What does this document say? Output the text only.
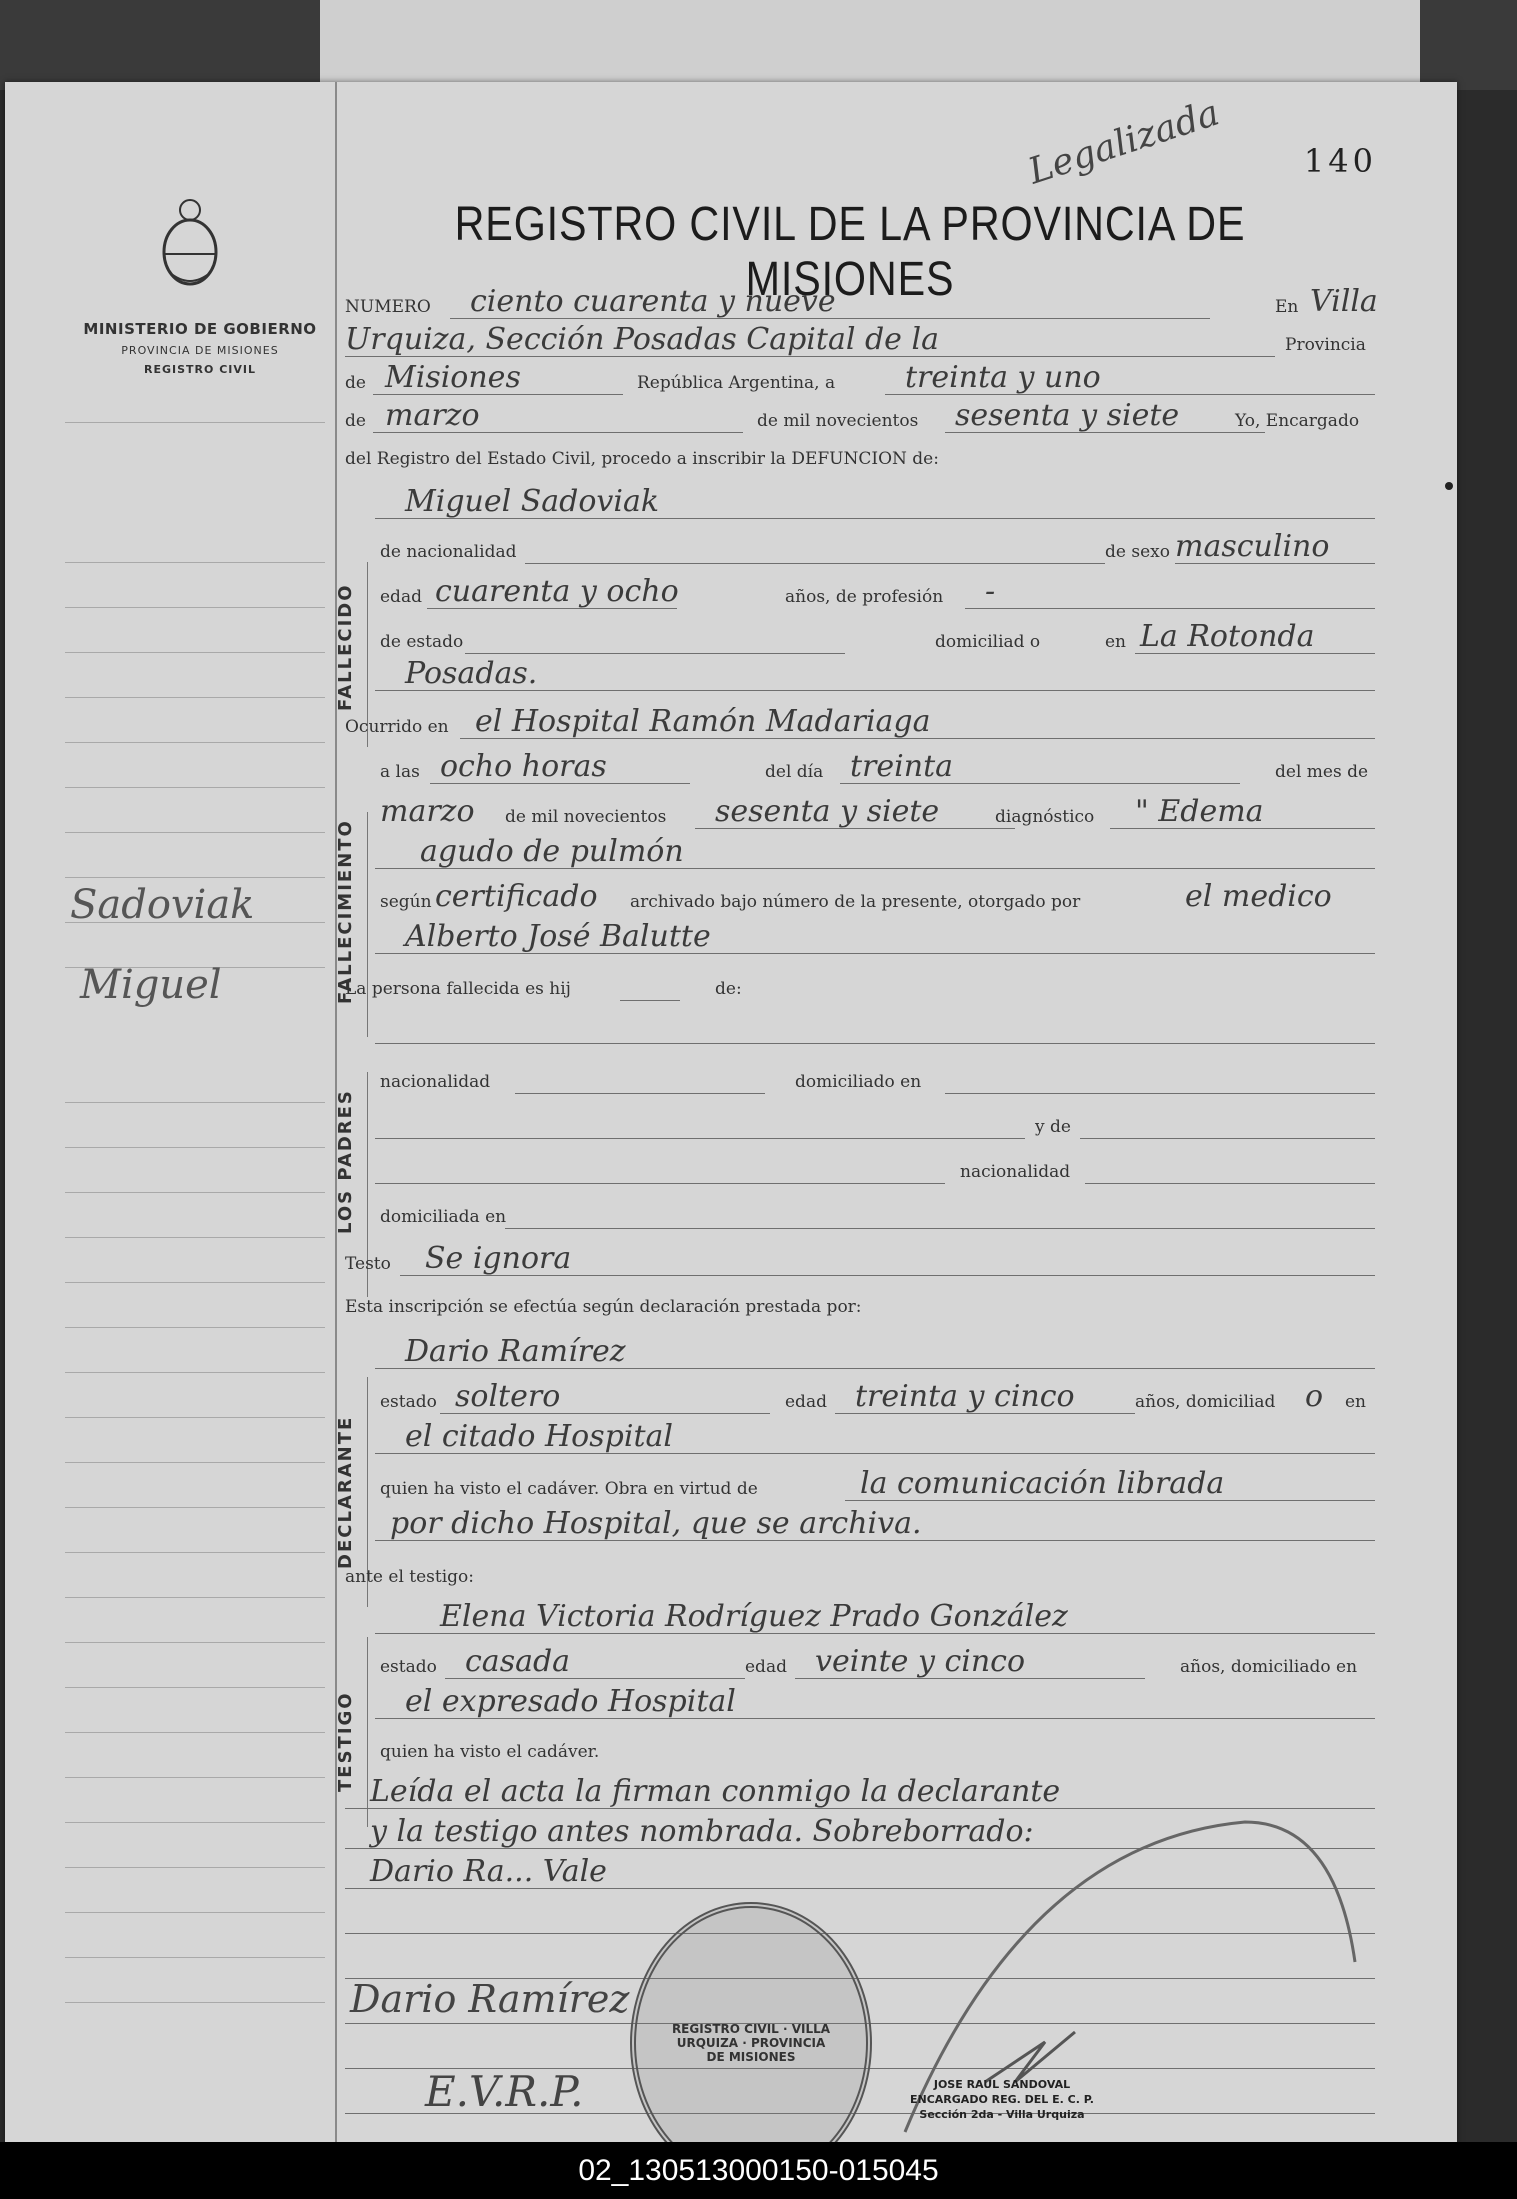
MINISTERIO DE GOBIERNO
PROVINCIA DE MISIONES
REGISTRO CIVIL
Sadoviak
Miguel
Legalizada 140
REGISTRO CIVIL DE LA PROVINCIA DE MISIONES
NUMERO ciento cuarenta y nueve	En Villa
Urquiza, Sección Posadas Capital de la	Provincia
de Misiones	República Argentina, a treinta y uno
de marzo	de mil novecientos sesenta y siete	Yo, Encargado
del Registro del Estado Civil, procedo a inscribir la DEFUNCION de:
FALLECIDO
Miguel Sadoviak
de nacionalidad	de sexo masculino
edad cuarenta y ocho	años, de profesión -
de estado	domiciliad o	en La Rotonda
Posadas.
FALLECIMIENTO
Ocurrido en el Hospital Ramón Madariaga
a las ocho horas	del día treinta	del mes de
marzo de mil novecientos sesenta y siete	diagnóstico " Edema
agudo de pulmón
según certificado archivado bajo número de la presente, otorgado por	el medico
Alberto José Balutte
La persona fallecida es hij	de:
LOS PADRES
nacionalidad	domiciliado en
y de
nacionalidad
domiciliada en
Testo Se ignora
Esta inscripción se efectúa según declaración prestada por:
DECLARANTE
Dario Ramírez
estado soltero	edad treinta y cinco	años, domiciliad o en
el citado Hospital
quien ha visto el cadáver. Obra en virtud de	la comunicación librada
por dicho Hospital, que se archiva.
TESTIGO
ante el testigo:
Elena Victoria Rodríguez Prado González
estado casada	edad veinte y cinco	años, domiciliado en
el expresado Hospital
quien ha visto el cadáver.
Leída el acta la firman conmigo la declarante
y la testigo antes nombrada. Sobreborrado:
Dario Ra... Vale
Dario Ramírez
E.V.R.P.
REGISTRO CIVIL · VILLA URQUIZA · PROVINCIA DE MISIONES
JOSE RAUL SANDOVAL
ENCARGADO REG. DEL E. C. P.
Sección 2da - Villa Urquiza
02_130513000150-015045
